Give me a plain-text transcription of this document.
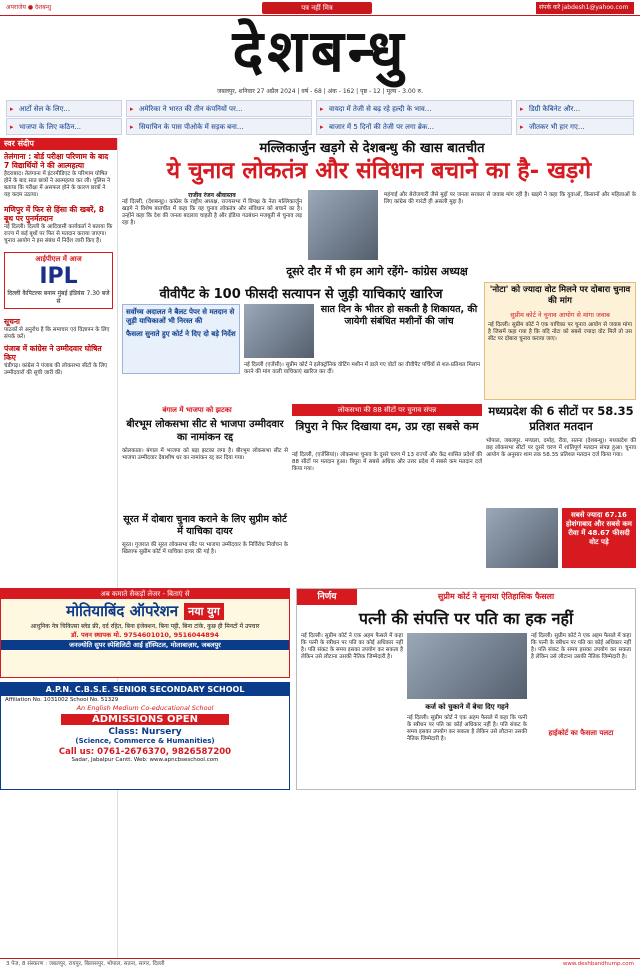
अपराजेय ● देशबन्धु	पत्र नहीं मित्र	संपर्क करें jabdesh1@yahoo.com
देशबन्धु
जबलपुर, शनिवार 27 अप्रैल 2024 | वर्ष - 68 | अंक - 162 | पृष्ठ - 12 | मूल्य - 3.00 रु.
▸ आर्टो सेल के लिए...	▸ अमेरिका ने भारत की तीन कंपनियों पर...	▸ वायदा में तेजी से बढ़ रहे हल्दी के भाव...	▸ डिग्री कैबिनेट और...
▸ भाजपा के लिए कठिन...	▸ सियाचिन के पास पीओके में सड़क बना...	▸ बाजार में 5 दिनों की तेजी पर लगा ब्रेक...	▸ जीतकर भी हार गए...
स्वर संदीप
तेलंगाना : बोर्ड परीक्षा परिणाम के बाद 7 विद्यार्थियों ने की आत्महत्या

हैदराबाद। तेलंगाना में इंटरमीडिएट के परिणाम घोषित होने के बाद सात छात्रों ने आत्महत्या कर ली। पुलिस ने बताया कि परीक्षा में असफल होने के कारण छात्रों ने यह कदम उठाया।

मणिपुर में फिर से हिंसा की खबरें, 8 बूथ पर पुनर्मतदान

नई दिल्ली। दिल्ली के आदिवासी कार्यकर्ता ने बताया कि राज्य में कई बूथों पर फिर से मतदान कराया जाएगा। चुनाव आयोग ने इस संबंध में निर्देश जारी किए हैं।

आईपीएल में आज
IPL
दिल्ली कैपिटल्स बनाम मुंबई इंडियंस 7.30 बजे से
सूचना

पाठकों से अनुरोध है कि समाचार एवं विज्ञापन के लिए संपर्क करें।

पंजाब में कांग्रेस ने उम्मीदवार घोषित किए

चंडीगढ़। कांग्रेस ने पंजाब की लोकसभा सीटों के लिए उम्मीदवारों की सूची जारी की।

मल्लिकार्जुन खड़गे से देशबन्धु की खास बातचीत
ये चुनाव लोकतंत्र और संविधान बचाने का है- खड़गे
राजीव रंजन श्रीवास्तव
नई दिल्ली, (देशबन्धु)। कांग्रेस के राष्ट्रीय अध्यक्ष, राज्यसभा में विपक्ष के नेता मल्लिकार्जुन खड़गे ने विशेष बातचीत में कहा कि यह चुनाव लोकतंत्र और संविधान को बचाने का है। उन्होंने कहा कि देश की जनता बदलाव चाहती है और इंडिया गठबंधन मजबूती से चुनाव लड़ रहा है।
महंगाई और बेरोजगारी जैसे मुद्दों पर जनता सरकार से जवाब मांग रही है। खड़गे ने कहा कि युवाओं, किसानों और महिलाओं के लिए कांग्रेस की गारंटी ही असली मुद्दा है।
दूसरे दौर में भी हम आगे रहेंगे- कांग्रेस अध्यक्ष
'नोटा' को ज्यादा वोट मिलने पर दोबारा चुनाव की मांग
सुप्रीम कोर्ट ने चुनाव आयोग से मांगा जवाब
नई दिल्ली। सुप्रीम कोर्ट ने एक याचिका पर चुनाव आयोग से जवाब मांगा है जिसमें कहा गया है कि यदि नोटा को सबसे ज्यादा वोट मिलें तो उस सीट पर दोबारा चुनाव कराया जाए।
वीवीपैट के 100 फीसदी सत्यापन से जुड़ी याचिकाएं खारिज
सर्वोच्च अदालत ने बैलट पेपर से मतदान से जुड़ी याचिकाओं भी निरस्त की
फैसला सुनाते हुए कोर्ट ने दिए दो बड़े निर्देश
सात दिन के भीतर हो सकती है शिकायत, की जायेगी संबंधित मशीनों की जांच
नई दिल्ली (एजेंसी)। सुप्रीम कोर्ट ने इलेक्ट्रॉनिक वोटिंग मशीन में डाले गए वोटों का वीवीपैट पर्चियों से शत-प्रतिशत मिलान करने की मांग वाली याचिकाएं खारिज कर दीं।
लोकसभा की 88 सीटों पर चुनाव संपन्न	मध्यप्रदेश की 6 सीटों पर 58.35 प्रतिशत मतदान
भोपाल, जबलपुर, मण्डला, दमोह, रीवा, सतना (देशबन्धु)। मध्यप्रदेश की छह लोकसभा सीटों पर दूसरे चरण में शांतिपूर्ण मतदान संपन्न हुआ। चुनाव आयोग के अनुसार शाम तक 58.35 प्रतिशत मतदान दर्ज किया गया।
सबसे ज्यादा 67.16 होशंगाबाद और सबसे कम रीवा में 48.67 फीसदी वोट पड़े
बंगाल में भाजपा को झटका
बीरभूम लोकसभा सीट से भाजपा उम्मीदवार का नामांकन रद्द
कोलकाता। बंगाल में भाजपा को बड़ा झटका लगा है। बीरभूम लोकसभा सीट से भाजपा उम्मीदवार देबाशीष धर का नामांकन रद्द कर दिया गया।
त्रिपुरा ने फिर दिखाया दम, उप्र रहा सबसे कम
नई दिल्ली, (एजेंसियां)। लोकसभा चुनाव के दूसरे चरण में 13 राज्यों और केंद्र शासित प्रदेशों की 88 सीटों पर मतदान हुआ। त्रिपुरा में सबसे अधिक और उत्तर प्रदेश में सबसे कम मतदान दर्ज किया गया।
सूरत में दोबारा चुनाव कराने के लिए सुप्रीम कोर्ट में याचिका दायर
सूरत। गुजरात की सूरत लोकसभा सीट पर भाजपा उम्मीदवार के निर्विरोध निर्वाचन के खिलाफ सुप्रीम कोर्ट में याचिका दायर की गई है।
अब कमाते सैकड़ों लेजर - बिताएं से
मोतियाबिंद ऑपरेशन नया युग
आधुनिक नेत्र चिकित्सा ब्लेड फ्री, दर्द रहित, बिना इंजेक्शन, बिना पट्टी, बिना टांके, कुछ ही मिनटों में उपचार
डॉ. पवन स्थापक मो. 9754601010, 9516044894
जनज्योति सुपर स्पेशिलिटी आई हॉस्पिटल, मोलाबाज़ार, जबलपुर
A.P.N. C.B.S.E. SENIOR SECONDARY SCHOOL
Affiliation No. 1031002 School No. 51329
An English Medium Co-educational School
ADMISSIONS OPEN
Class: Nursery
(Science, Commerce & Humanities)
Call us: 0761-2676370, 9826587200
Sadar, Jabalpur Cantt. Web: www.apncbseschool.com
निर्णय	सुप्रीम कोर्ट ने सुनाया ऐतिहासिक फैसला
पत्नी की संपत्ति पर पति का हक नहीं
नई दिल्ली। सुप्रीम कोर्ट ने एक अहम फैसले में कहा कि पत्नी के स्त्रीधन पर पति का कोई अधिकार नहीं है। पति संकट के समय इसका उपयोग कर सकता है लेकिन उसे लौटाना उसकी नैतिक जिम्मेदारी है।
नई दिल्ली। सुप्रीम कोर्ट ने एक अहम फैसले में कहा कि पत्नी के स्त्रीधन पर पति का कोई अधिकार नहीं है। पति संकट के समय इसका उपयोग कर सकता है लेकिन उसे लौटाना उसकी नैतिक जिम्मेदारी है।
कर्ज को चुकाने में बेचा दिए गहने
नई दिल्ली। सुप्रीम कोर्ट ने एक अहम फैसले में कहा कि पत्नी के स्त्रीधन पर पति का कोई अधिकार नहीं है। पति संकट के समय इसका उपयोग कर सकता है लेकिन उसे लौटाना उसकी नैतिक जिम्मेदारी है।
हाईकोर्ट का फैसला पलटा
3 पेज, 8 संस्करण : जबलपुर, रायपुर, बिलासपुर, भोपाल, सतना, सागर, दिल्ली	www.deshbandhump.com
